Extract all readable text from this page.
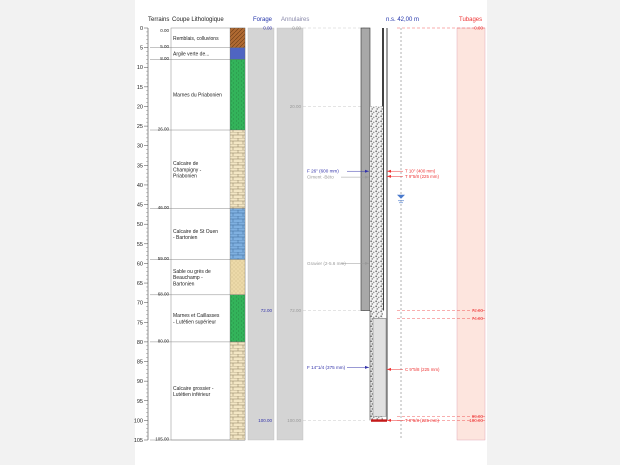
Terrains Coupe Lithologique	Forage Annulaires	n.s. 42,00 m	Tubages
0
5
10
15
20
25
30
35
40
45
50
55
60
65
70
75
80
85
90
95
100
105
Remblais, colluvions
0.00
5.00
Argile verte de...
8.00
Marnes du Priabonien
26.00
Calcaire de Champigny -Priabonien
46.00
Calcaire de St Ouen - Bartonien
59.00
Sable ou grès de Beauchamp -Bartonien
68.00
Marnes et Caillasses - Lutétien supérieur
80.00
Calcaire grossier -Lutétien inférieur
105.00
0.00
72.00
100.00
0.00
20.00
72.00
100.00
0.00
72.00
74.00
99.00
100.00
F 26" (600 mm)
Ciment -Béto
Gravier (2-5.6 mm)
F 14"1/4 (375 mm)
T 10" (400 mm)
T 9"5/8 (225 mm)
C 9"5/8 (225 mm)
T 9"5/8 (225 mm)
